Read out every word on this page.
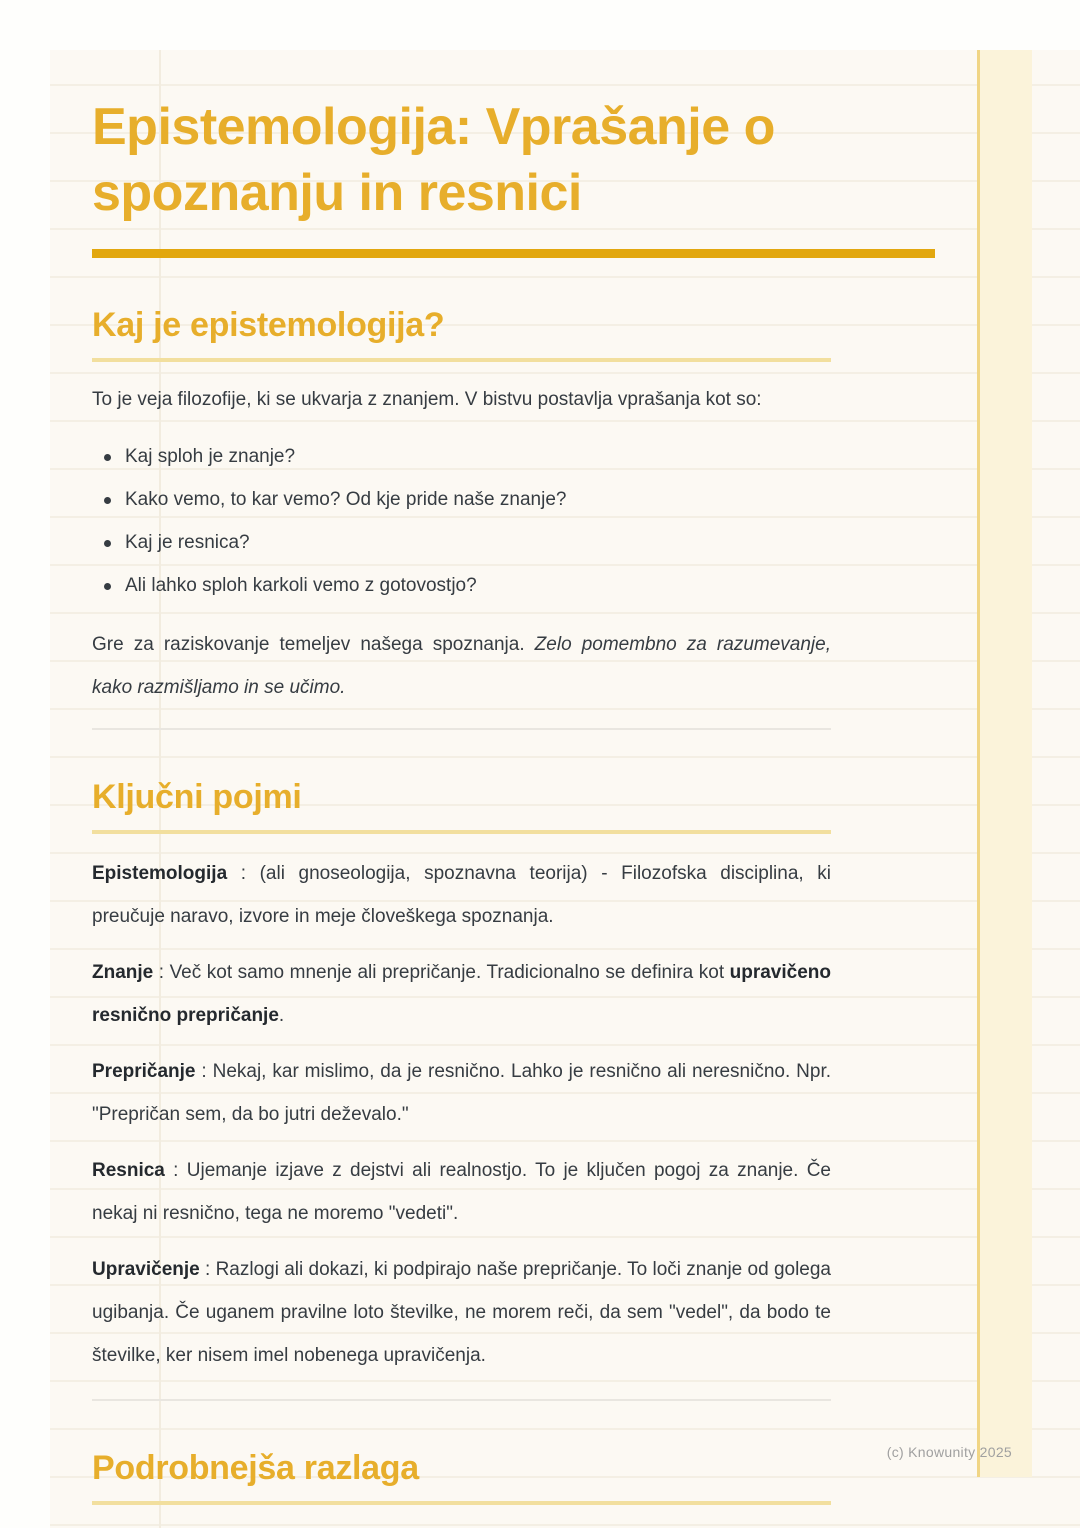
Epistemologija: Vprašanje o spoznanju in resnici
Kaj je epistemologija?

To je veja filozofije, ki se ukvarja z znanjem. V bistvu postavlja vprašanja kot so:

Kaj sploh je znanje?
Kako vemo, to kar vemo? Od kje pride naše znanje?
Kaj je resnica?
Ali lahko sploh karkoli vemo z gotovostjo?

Gre za raziskovanje temeljev našega spoznanja. Zelo pomembno za razumevanje, kako razmišljamo in se učimo.

Ključni pojmi

Epistemologija : (ali gnoseologija, spoznavna teorija) - Filozofska disciplina, ki preučuje naravo, izvore in meje človeškega spoznanja.

Znanje : Več kot samo mnenje ali prepričanje. Tradicionalno se definira kot upravičeno resnično prepričanje.

Prepričanje : Nekaj, kar mislimo, da je resnično. Lahko je resnično ali neresnično. Npr. "Prepričan sem, da bo jutri deževalo."

Resnica : Ujemanje izjave z dejstvi ali realnostjo. To je ključen pogoj za znanje. Če nekaj ni resnično, tega ne moremo "vedeti".

Upravičenje : Razlogi ali dokazi, ki podpirajo naše prepričanje. To loči znanje od golega ugibanja. Če uganem pravilne loto številke, ne morem reči, da sem "vedel", da bodo te številke, ker nisem imel nobenega upravičenja.

Podrobnejša razlaga	(c) Knowunity 2025
